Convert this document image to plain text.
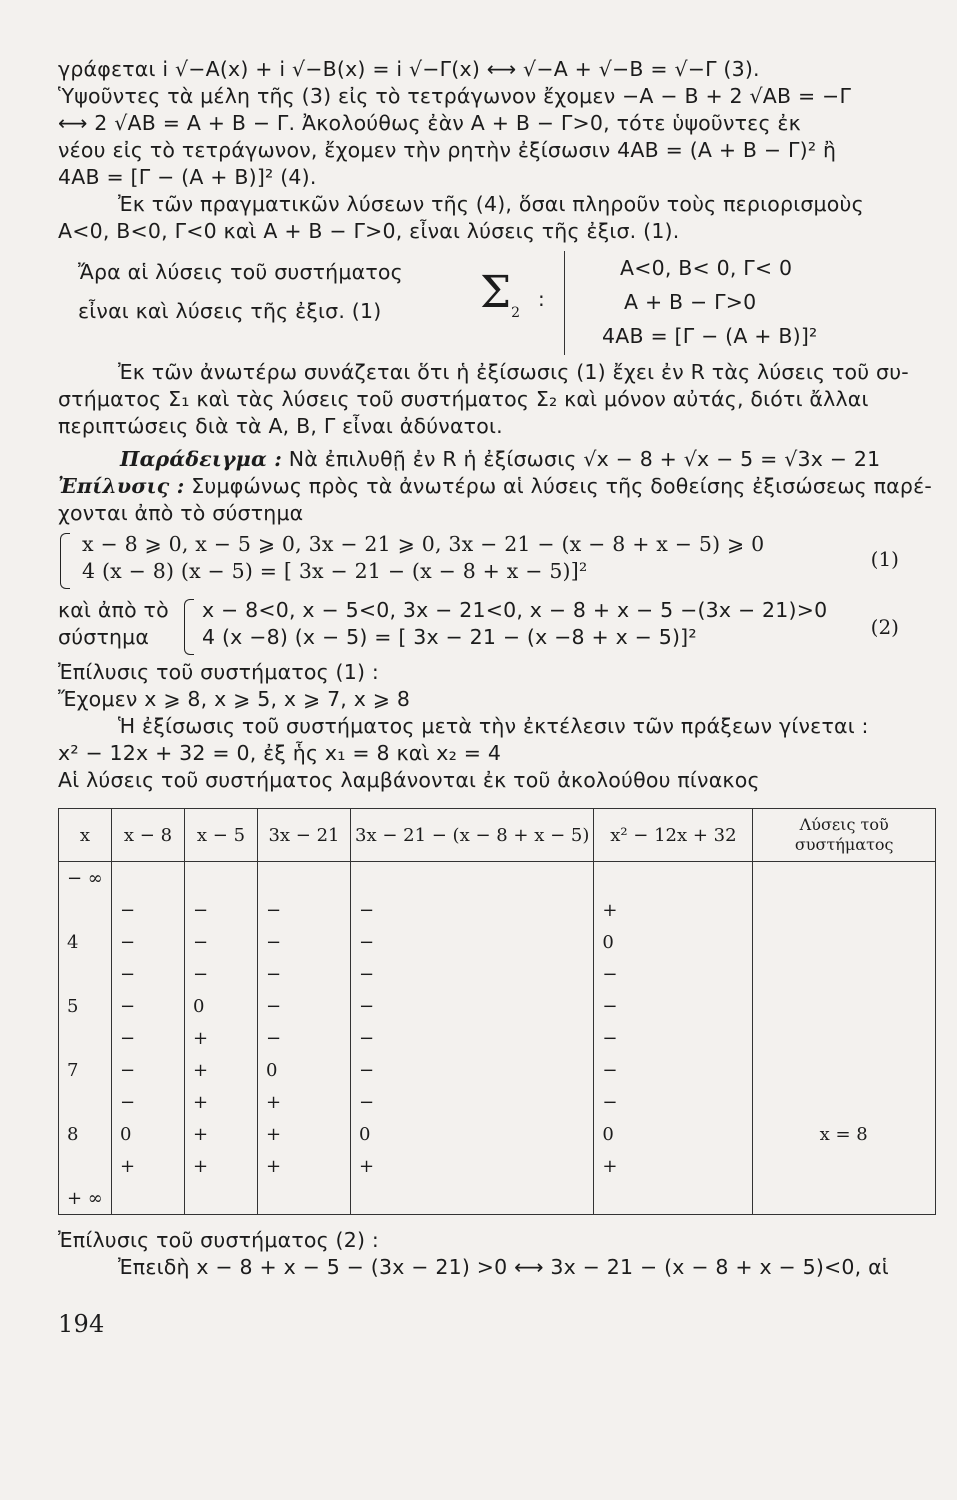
γράφεται i √−A(x) + i √−B(x) = i √−Γ(x) ⟷ √−A + √−B = √−Γ (3).
Ὑψοῦντες τὰ μέλη τῆς (3) εἰς τὸ τετράγωνον ἔχομεν −A − B + 2 √AB = −Γ
⟷ 2 √AB = A + B − Γ. Ἀκολούθως ἐὰν A + B − Γ>0, τότε ὑψοῦντες ἐκ
νέου εἰς τὸ τετράγωνον, ἔχομεν τὴν ρητὴν ἐξίσωσιν 4AB = (A + B − Γ)² ἢ
4AB = [Γ − (A + B)]² (4).
Ἐκ τῶν πραγματικῶν λύσεων τῆς (4), ὅσαι πληροῦν τοὺς περιορισμοὺς
A<0, B<0, Γ<0 καὶ A + B − Γ>0, εἶναι λύσεις τῆς ἐξισ. (1).
Ἄρα αἱ λύσεις τοῦ συστήματος
εἶναι καὶ λύσεις τῆς ἐξισ. (1)	$\Sigma_2$
:
A<0, B< 0, Γ< 0
A + B − Γ>0
4AB = [Γ − (A + B)]²
Ἐκ τῶν ἀνωτέρω συνάζεται ὅτι ἡ ἐξίσωσις (1) ἔχει ἐν R τὰς λύσεις τοῦ συ-
στήματος Σ₁ καὶ τὰς λύσεις τοῦ συστήματος Σ₂ καὶ μόνον αὐτάς, διότι ἄλλαι
περιπτώσεις διὰ τὰ A, B, Γ εἶναι ἀδύνατοι.
Παράδειγμα : Νὰ ἐπιλυθῇ ἐν R ἡ ἐξίσωσις √x − 8 + √x − 5 = √3x − 21
Ἐπίλυσις : Συμφώνως πρὸς τὰ ἀνωτέρω αἱ λύσεις τῆς δοθείσης ἐξισώσεως παρέ-
χονται ἀπὸ τὸ σύστημα
x − 8 ⩾ 0, x − 5 ⩾ 0, 3x − 21 ⩾ 0, 3x − 21 − (x − 8 + x − 5) ⩾ 0
4 (x − 8) (x − 5) = [ 3x − 21 − (x − 8 + x − 5)]²	(1)
καὶ ἀπὸ τὸ
σύστημα
x − 8<0, x − 5<0, 3x − 21<0, x − 8 + x − 5 −(3x − 21)>0
4 (x −8) (x − 5) = [ 3x − 21 − (x −8 + x − 5)]²	(2)
Ἐπίλυσις τοῦ συστήματος (1) :
Ἔχομεν x ⩾ 8, x ⩾ 5, x ⩾ 7, x ⩾ 8
Ἡ ἐξίσωσις τοῦ συστήματος μετὰ τὴν ἐκτέλεσιν τῶν πράξεων γίνεται :
x² − 12x + 32 = 0, ἐξ ἧς x₁ = 8 καὶ x₂ = 4
Αἱ λύσεις τοῦ συστήματος λαμβάνονται ἐκ τοῦ ἀκολούθου πίνακος
x	x − 8	x − 5	3x − 21	3x − 21 − (x − 8 + x − 5)	x² − 12x + 32	Λύσεις τοῦ συστήματος
− ∞						
	−	−	−	−	+	
4	−	−	−	−	0	
	−	−	−	−	−	
5	−	0	−	−	−	
	−	+	−	−	−	
7	−	+	0	−	−	
	−	+	+	−	−	
8	0	+	+	0	0	x = 8
	+	+	+	+	+	
+ ∞						
Ἐπίλυσις τοῦ συστήματος (2) :
Ἐπειδὴ x − 8 + x − 5 − (3x − 21) >0 ⟷ 3x − 21 − (x − 8 + x − 5)<0, αἱ
194
